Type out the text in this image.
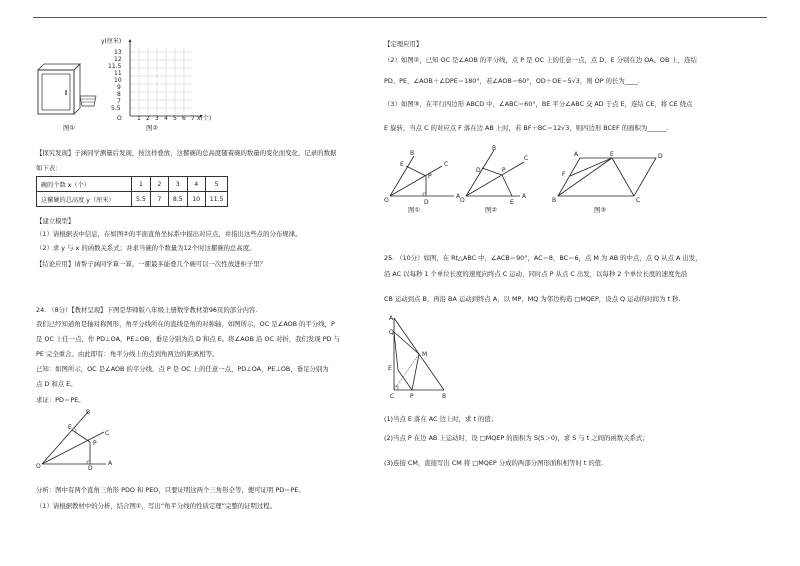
图①
y(厘米)
13
12
11.5
11
10
9
8
7
5.5
O	1 2 3 4 5 6 7 x(个)
图②
【探究发现】子涵同学测量后发现，按这样叠放，这摞碗的总高度随着碗的数量的变化而变化，记录的数据
如下表：
碗的个数 x（个）	1	2	3	4	5
这摞碗的总高度 y（厘米）	5.5	7	8.5	10	11.5
【建立模型】
（1）请根据表中信息，在如图②的平面直角坐标系中描出对应点，并指出这些点的分布规律。
（2）求 y 与 x 的函数关系式；并求当碗的个数量为12个时这摞碗的总高度。
【结论应用】请帮子涵同学算一算，一摞最多能叠几个碗可以一次性放进柜子里？
24. （8分）【教材呈现】下图是华师版八年级上册数学教材第96页的部分内容.
我们已经知道角是轴对称图形，角平分线所在的直线是角的对称轴，如图所示，OC 是∠AOB 的平分线，P
是 OC 上任一点，作 PD⊥OA，PE⊥OB，垂足分别为点 D 和点 E。将∠AOB 沿 OC 对折，我们发现 PD 与
PE 完全重合。由此即有：角平分线上的点到角两边的距离相等。
已知：如图所示，OC 是∠AOB 的平分线，点 P 是 OC 上的任意一点，PD⊥OA，PE⊥OB，垂足分别为
点 D 和点 E。
求证：PD＝PE。
B
C
E
P
O	D
A
分析：图中有两个直角三角形 PDO 和 PEO，只要证明这两个三角形全等，便可证明 PD＝PE。
（1）请根据教材中的分析，结合图①，写出“角平分线的性质定理”完整的证明过程。
【定理应用】
（2）如图②，已知 OC 是∠AOB 的平分线，点 P 是 OC 上的任意一点，点 D、E 分别在边 OA、OB 上，连结
PD、PE，∠AOB＋∠DPE＝180°，若∠AOB＝60°，OD＋OE＝5√3，则 OP 的长为____.
（3）如图③，在平行四边形 ABCD 中，∠ABC＝60°，BE 平分∠ABC 交 AD 于点 E，连结 CE，将 CE 绕点
E 旋转，当点 C 的对应点 F 落在边 AB 上时，若 BF＋BC＝12√3，则四边形 BCEF 的面积为______.
O
A
B
C
E
P
D	O
A
B
C
D	P
E	B
A	E	D
C
F
图①	图②	图③
25. （10分）如图，在 Rt△ABC 中，∠ACB＝90°，AC＝8，BC＝6，点 M 为 AB 的中点，点 Q 从点 A 出发，
沿 AC 以每秒 1 个单位长度的速度向终点 C 运动，同时点 P 从点 C 出发，以每秒 2 个单位长度的速度先沿
CB 运动到点 B，再沿 BA 运动到终点 A，以 MP、MQ 为邻边构造 □MQEP，设点 Q 运动的时间为 t 秒.
A
Q
M
E
C	P	B
(1)当点 E 落在 AC 边上时，求 t 的值；
(2)当点 P 在边 AB 上运动时，设 □MQEP 的面积为 S(S＞0)，求 S 与 t 之间的函数关系式；
(3)连接 CM，直接写出 CM 将 □MQEP 分成的两部分图形面积相等时 t 的值.
